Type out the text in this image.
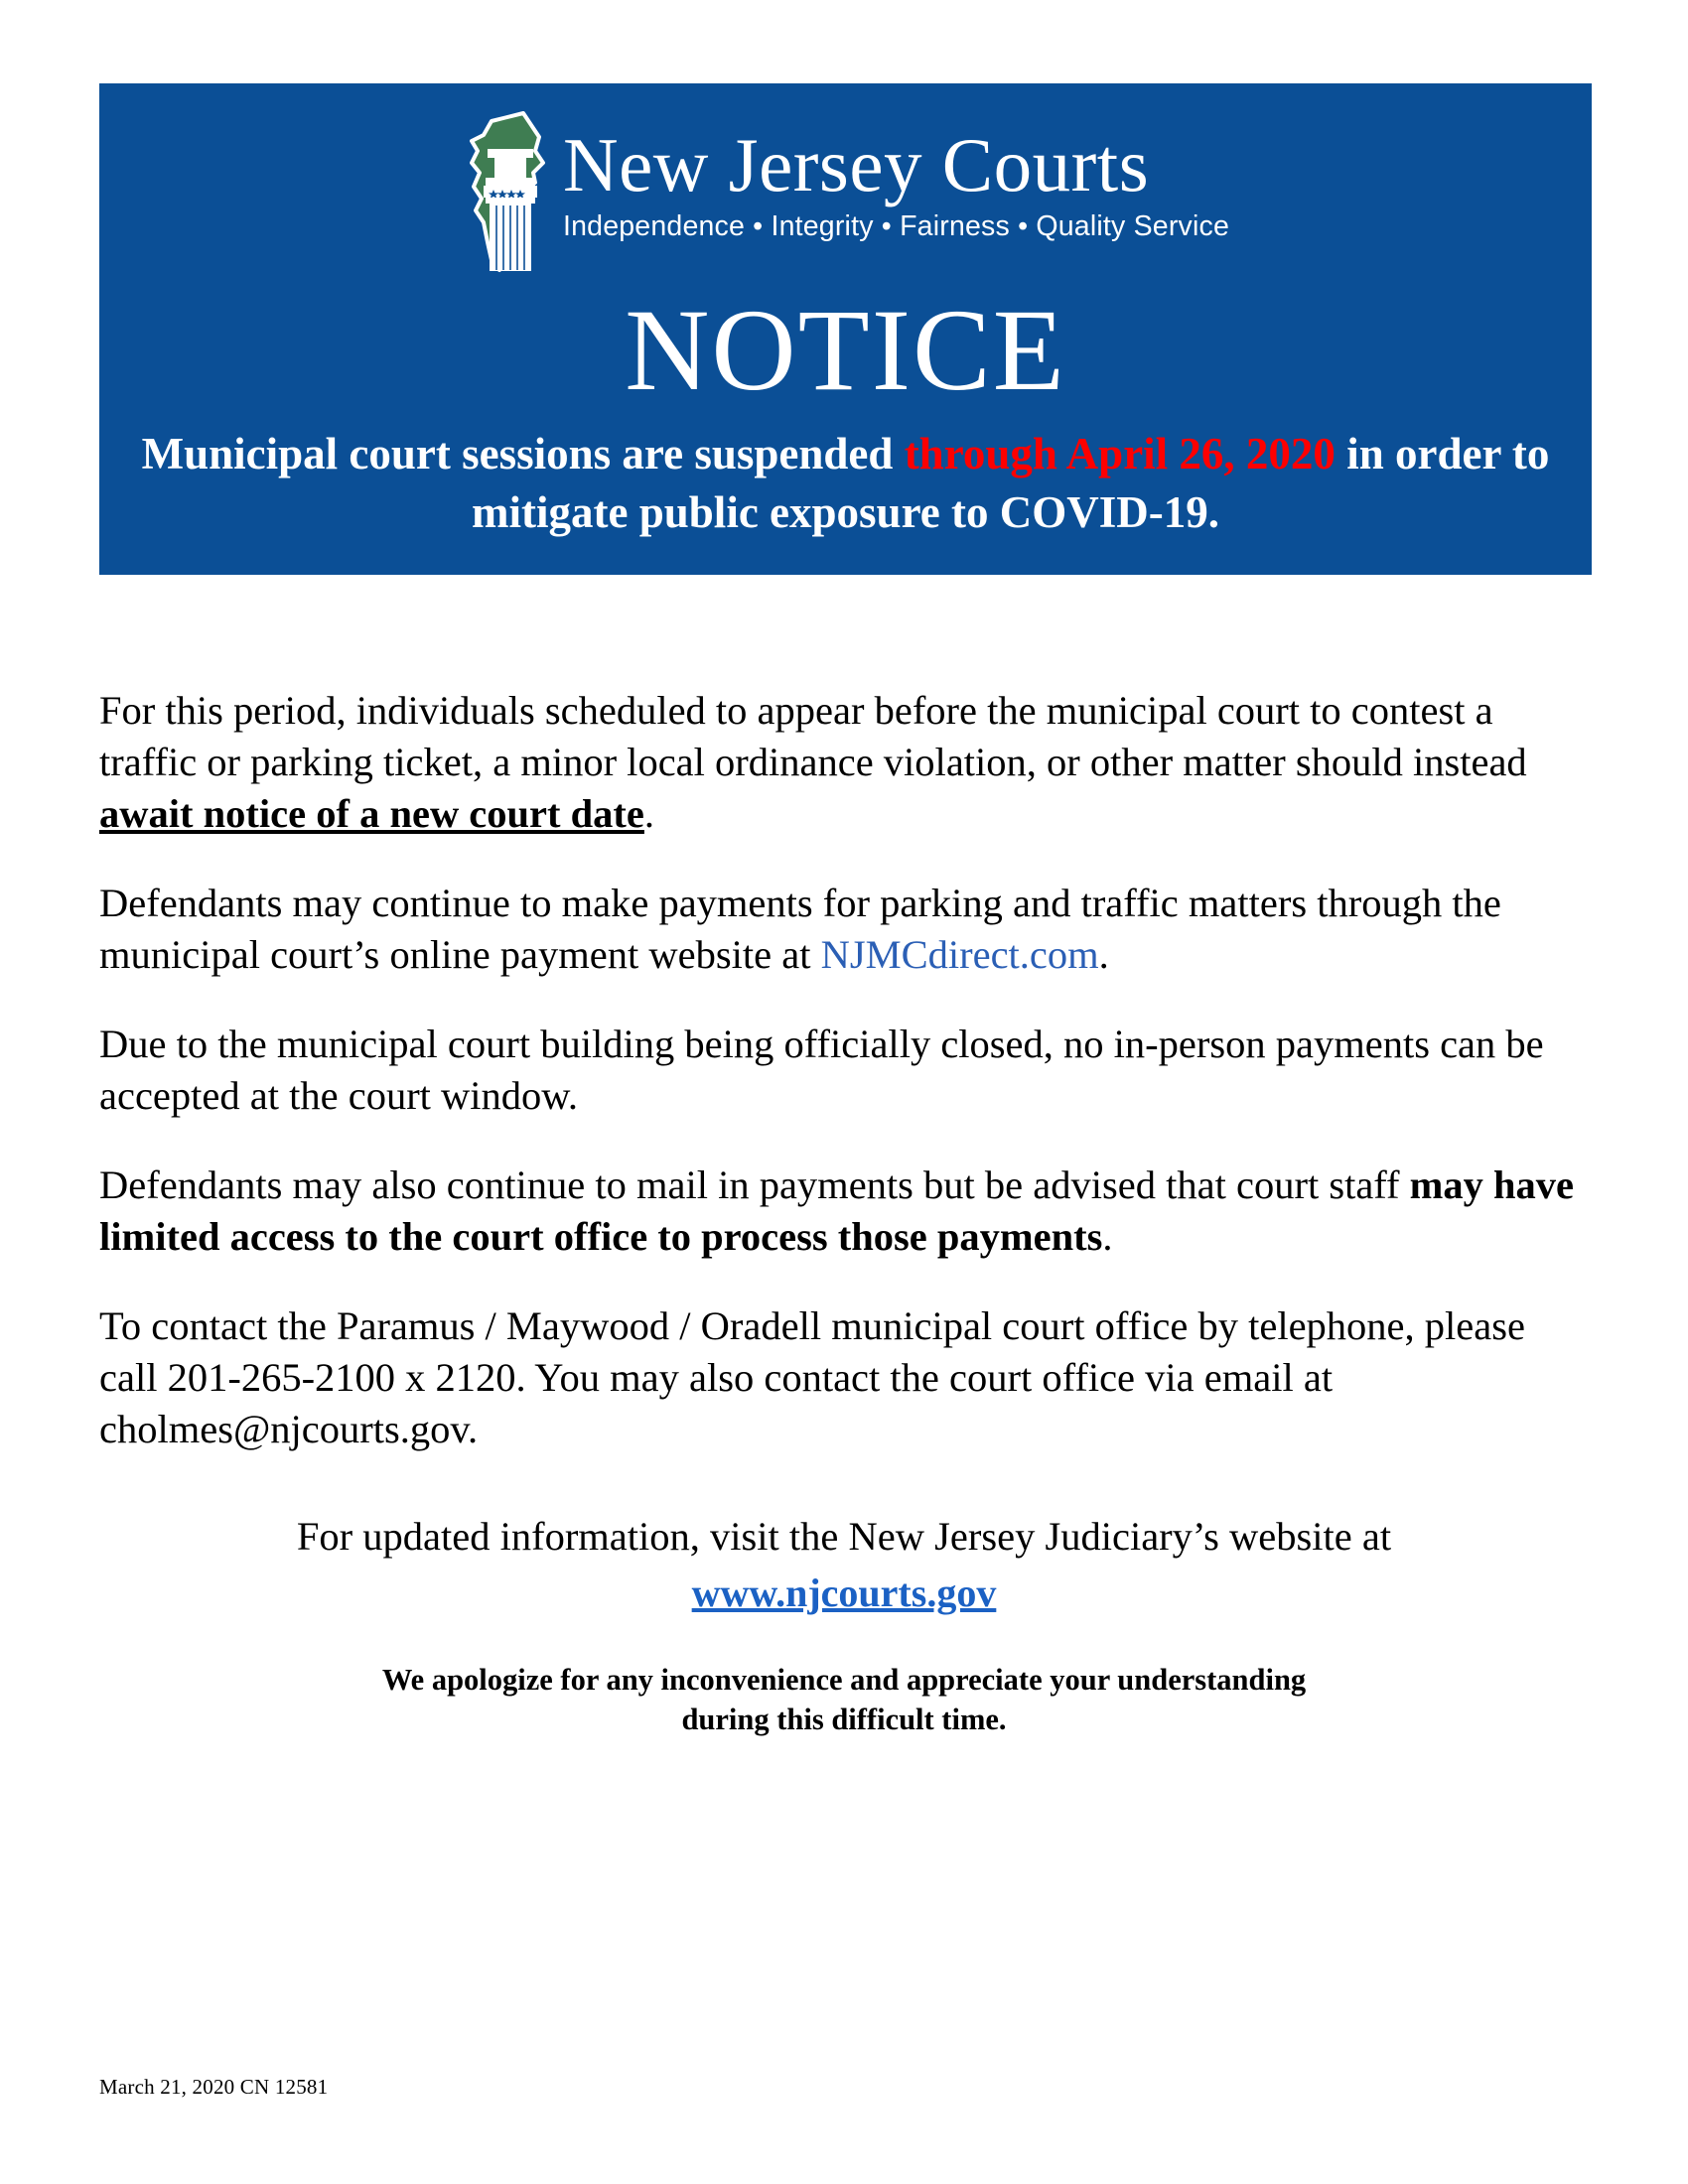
New Jersey Courts
Independence • Integrity • Fairness • Quality Service
NOTICE
Municipal court sessions are suspended through April 26, 2020 in order to mitigate public exposure to COVID-19.

For this period, individuals scheduled to appear before the municipal court to contest a traffic or parking ticket, a minor local ordinance violation, or other matter should instead await notice of a new court date.

Defendants may continue to make payments for parking and traffic matters through the municipal court’s online payment website at NJMCdirect.com.

Due to the municipal court building being officially closed, no in-person payments can be accepted at the court window.

Defendants may also continue to mail in payments but be advised that court staff may have limited access to the court office to process those payments.

To contact the Paramus / Maywood / Oradell municipal court office by telephone, please call 201-265-2100 x 2120. You may also contact the court office via email at cholmes@njcourts.gov.

For updated information, visit the New Jersey Judiciary’s website at
www.njcourts.gov
We apologize for any inconvenience and appreciate your understanding
during this difficult time.
March 21, 2020 CN 12581
